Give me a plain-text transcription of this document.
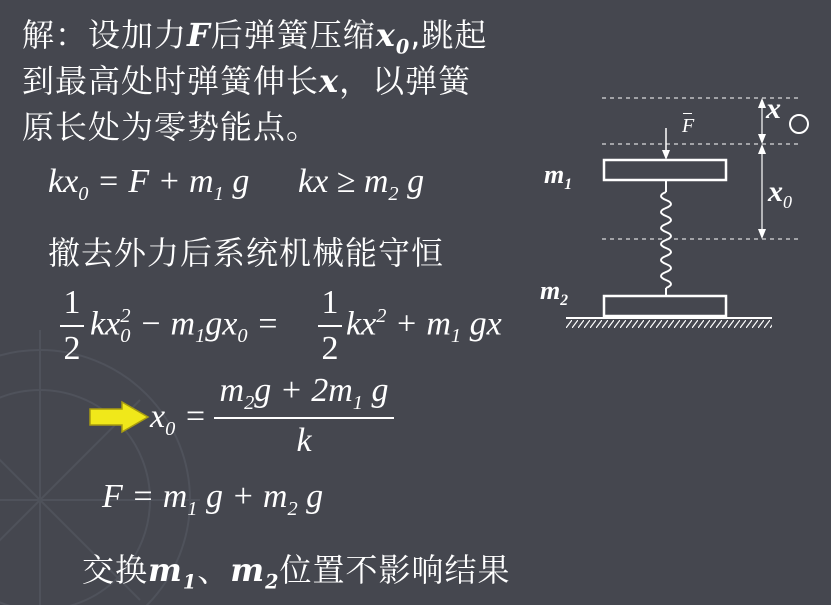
解：设加力F后弹簧压缩$x_0$,跳起
到最高处时弹簧伸长x，以弹簧
原长处为零势能点。
$kx_0 = F + m_1$ g kx ≥ $m_2$ g
撤去外力后系统机械能守恒
1
2
$kx_0^2 - m_1gx_0$ =
1
2
$kx^2 + m_1$ gx
$x_0$ =
$m_2g + 2m_1$ g
k
$F = m_1$ $g + m_2$ g
交换$m_1$、$m_2$位置不影响结果
F
$m_1$
$m_2$
x
$x_0$
